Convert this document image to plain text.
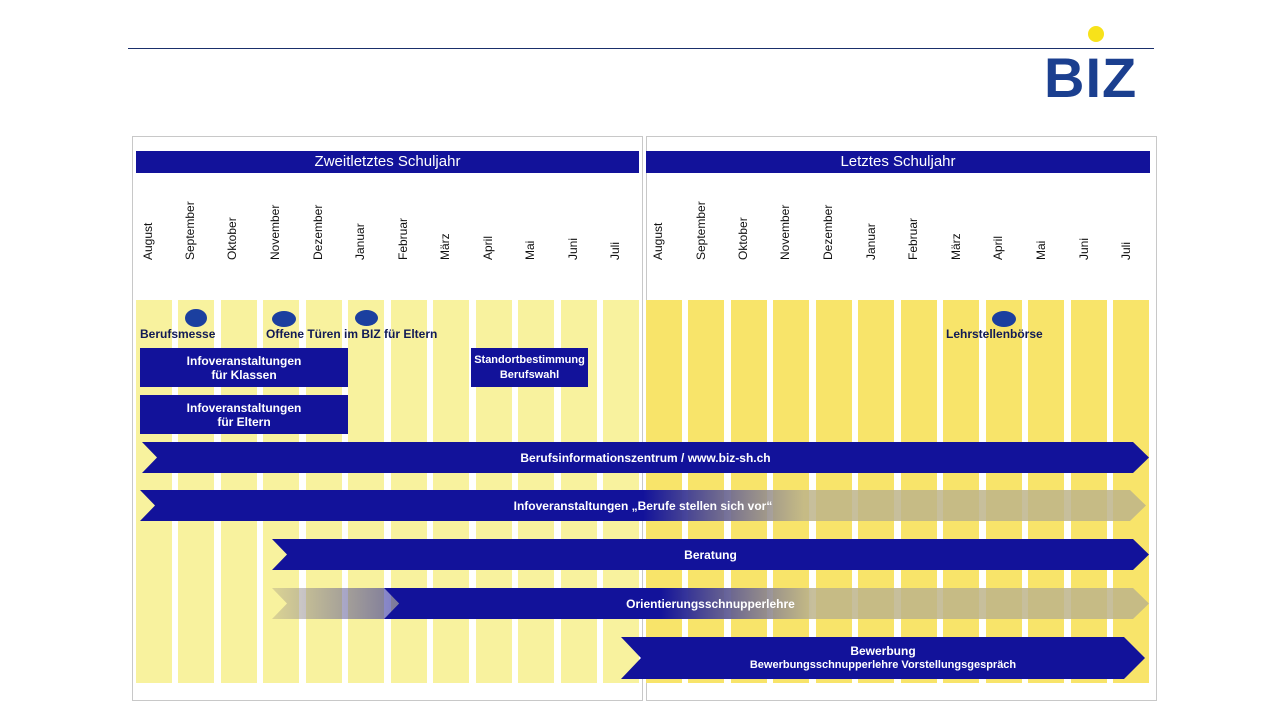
BIZ
Zweitletztes Schuljahr	Letztes Schuljahr
August September Oktober November Dezember Januar Februar März April Mai Juni Juli August September Oktober November Dezember Januar Februar März April Mai Juni Juli
Berufsmesse	Offene Türen im BIZ für Eltern	Lehrstellenbörse
Infoveranstaltungen
für Klassen
Infoveranstaltungen
für Eltern
Standortbestimmung
Berufswahl
Berufsinformationszentrum / www.biz-sh.ch
Infoveranstaltungen „Berufe stellen sich vor“
Beratung
Orientierungsschnupperlehre
Bewerbung
Bewerbungsschnupperlehre Vorstellungsgespräch
